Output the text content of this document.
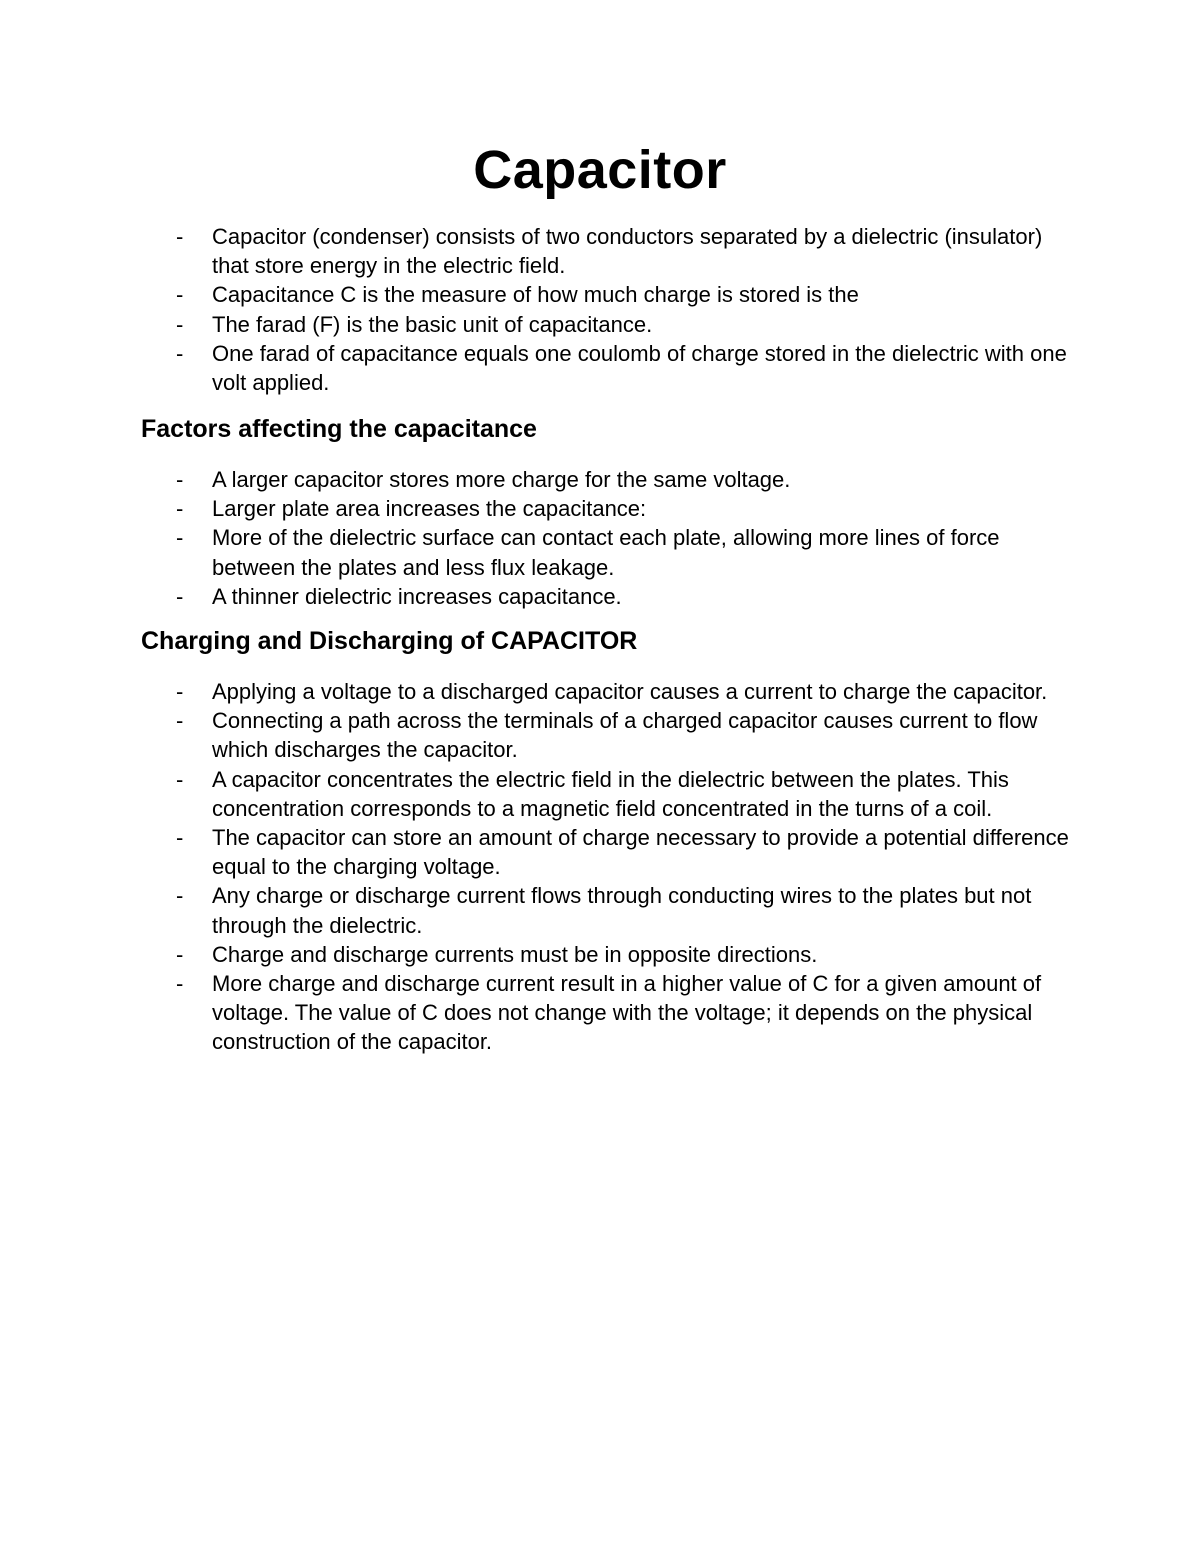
Capacitor
- Capacitor (condenser) consists of two conductors separated by a dielectric (insulator) that store energy in the electric field.
- Capacitance C is the measure of how much charge is stored is the
- The farad (F) is the basic unit of capacitance.
- One farad of capacitance equals one coulomb of charge stored in the dielectric with one volt applied.
Factors affecting the capacitance
- A larger capacitor stores more charge for the same voltage.
- Larger plate area increases the capacitance:
- More of the dielectric surface can contact each plate, allowing more lines of force between the plates and less flux leakage.
- A thinner dielectric increases capacitance.
Charging and Discharging of CAPACITOR
- Applying a voltage to a discharged capacitor causes a current to charge the capacitor.
- Connecting a path across the terminals of a charged capacitor causes current to flow which discharges the capacitor.
- A capacitor concentrates the electric field in the dielectric between the plates. This concentration corresponds to a magnetic field concentrated in the turns of a coil.
- The capacitor can store an amount of charge necessary to provide a potential difference equal to the charging voltage.
- Any charge or discharge current flows through conducting wires to the plates but not through the dielectric.
- Charge and discharge currents must be in opposite directions.
- More charge and discharge current result in a higher value of C for a given amount of voltage. The value of C does not change with the voltage; it depends on the physical construction of the capacitor.
